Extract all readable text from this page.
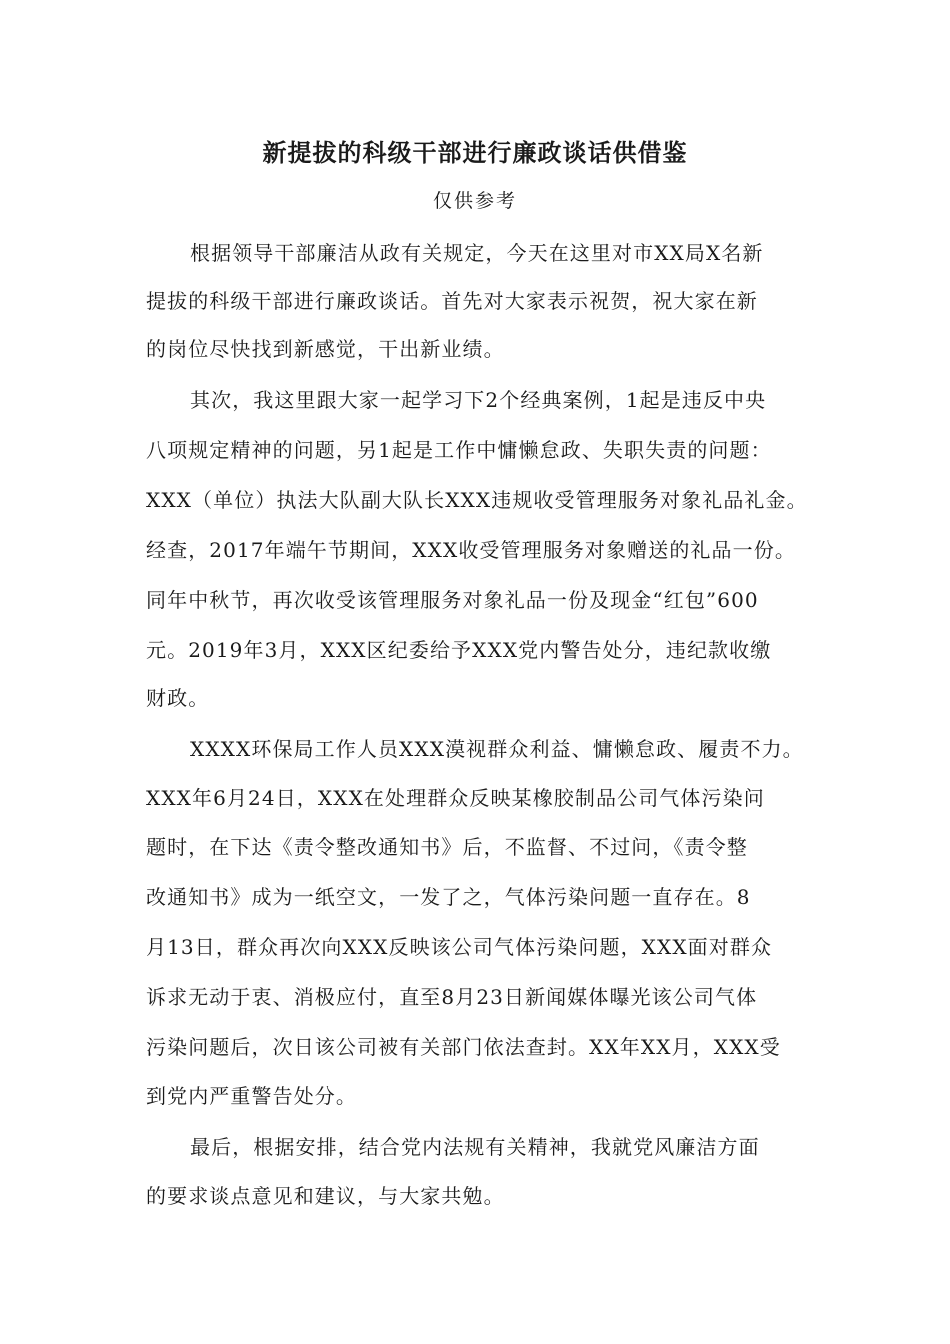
新提拔的科级干部进行廉政谈话供借鉴
仅供参考

根据领导干部廉洁从政有关规定，今天在这里对市XX局X名新

提拔的科级干部进行廉政谈话。首先对大家表示祝贺，祝大家在新

的岗位尽快找到新感觉，干出新业绩。

其次，我这里跟大家一起学习下2个经典案例，1起是违反中央

八项规定精神的问题，另1起是工作中慵懒怠政、失职失责的问题：

XXX（单位）执法大队副大队长XXX违规收受管理服务对象礼品礼金。

经查，2017年端午节期间，XXX收受管理服务对象赠送的礼品一份。

同年中秋节，再次收受该管理服务对象礼品一份及现金“红包”600

元。2019年3月，XXX区纪委给予XXX党内警告处分，违纪款收缴

财政。

XXXX环保局工作人员XXX漠视群众利益、慵懒怠政、履责不力。

XXX年6月24日，XXX在处理群众反映某橡胶制品公司气体污染问

题时，在下达《责令整改通知书》后，不监督、不过问，《责令整

改通知书》成为一纸空文，一发了之，气体污染问题一直存在。8

月13日，群众再次向XXX反映该公司气体污染问题，XXX面对群众

诉求无动于衷、消极应付，直至8月23日新闻媒体曝光该公司气体

污染问题后，次日该公司被有关部门依法查封。XX年XX月，XXX受

到党内严重警告处分。

最后，根据安排，结合党内法规有关精神，我就党风廉洁方面

的要求谈点意见和建议，与大家共勉。
